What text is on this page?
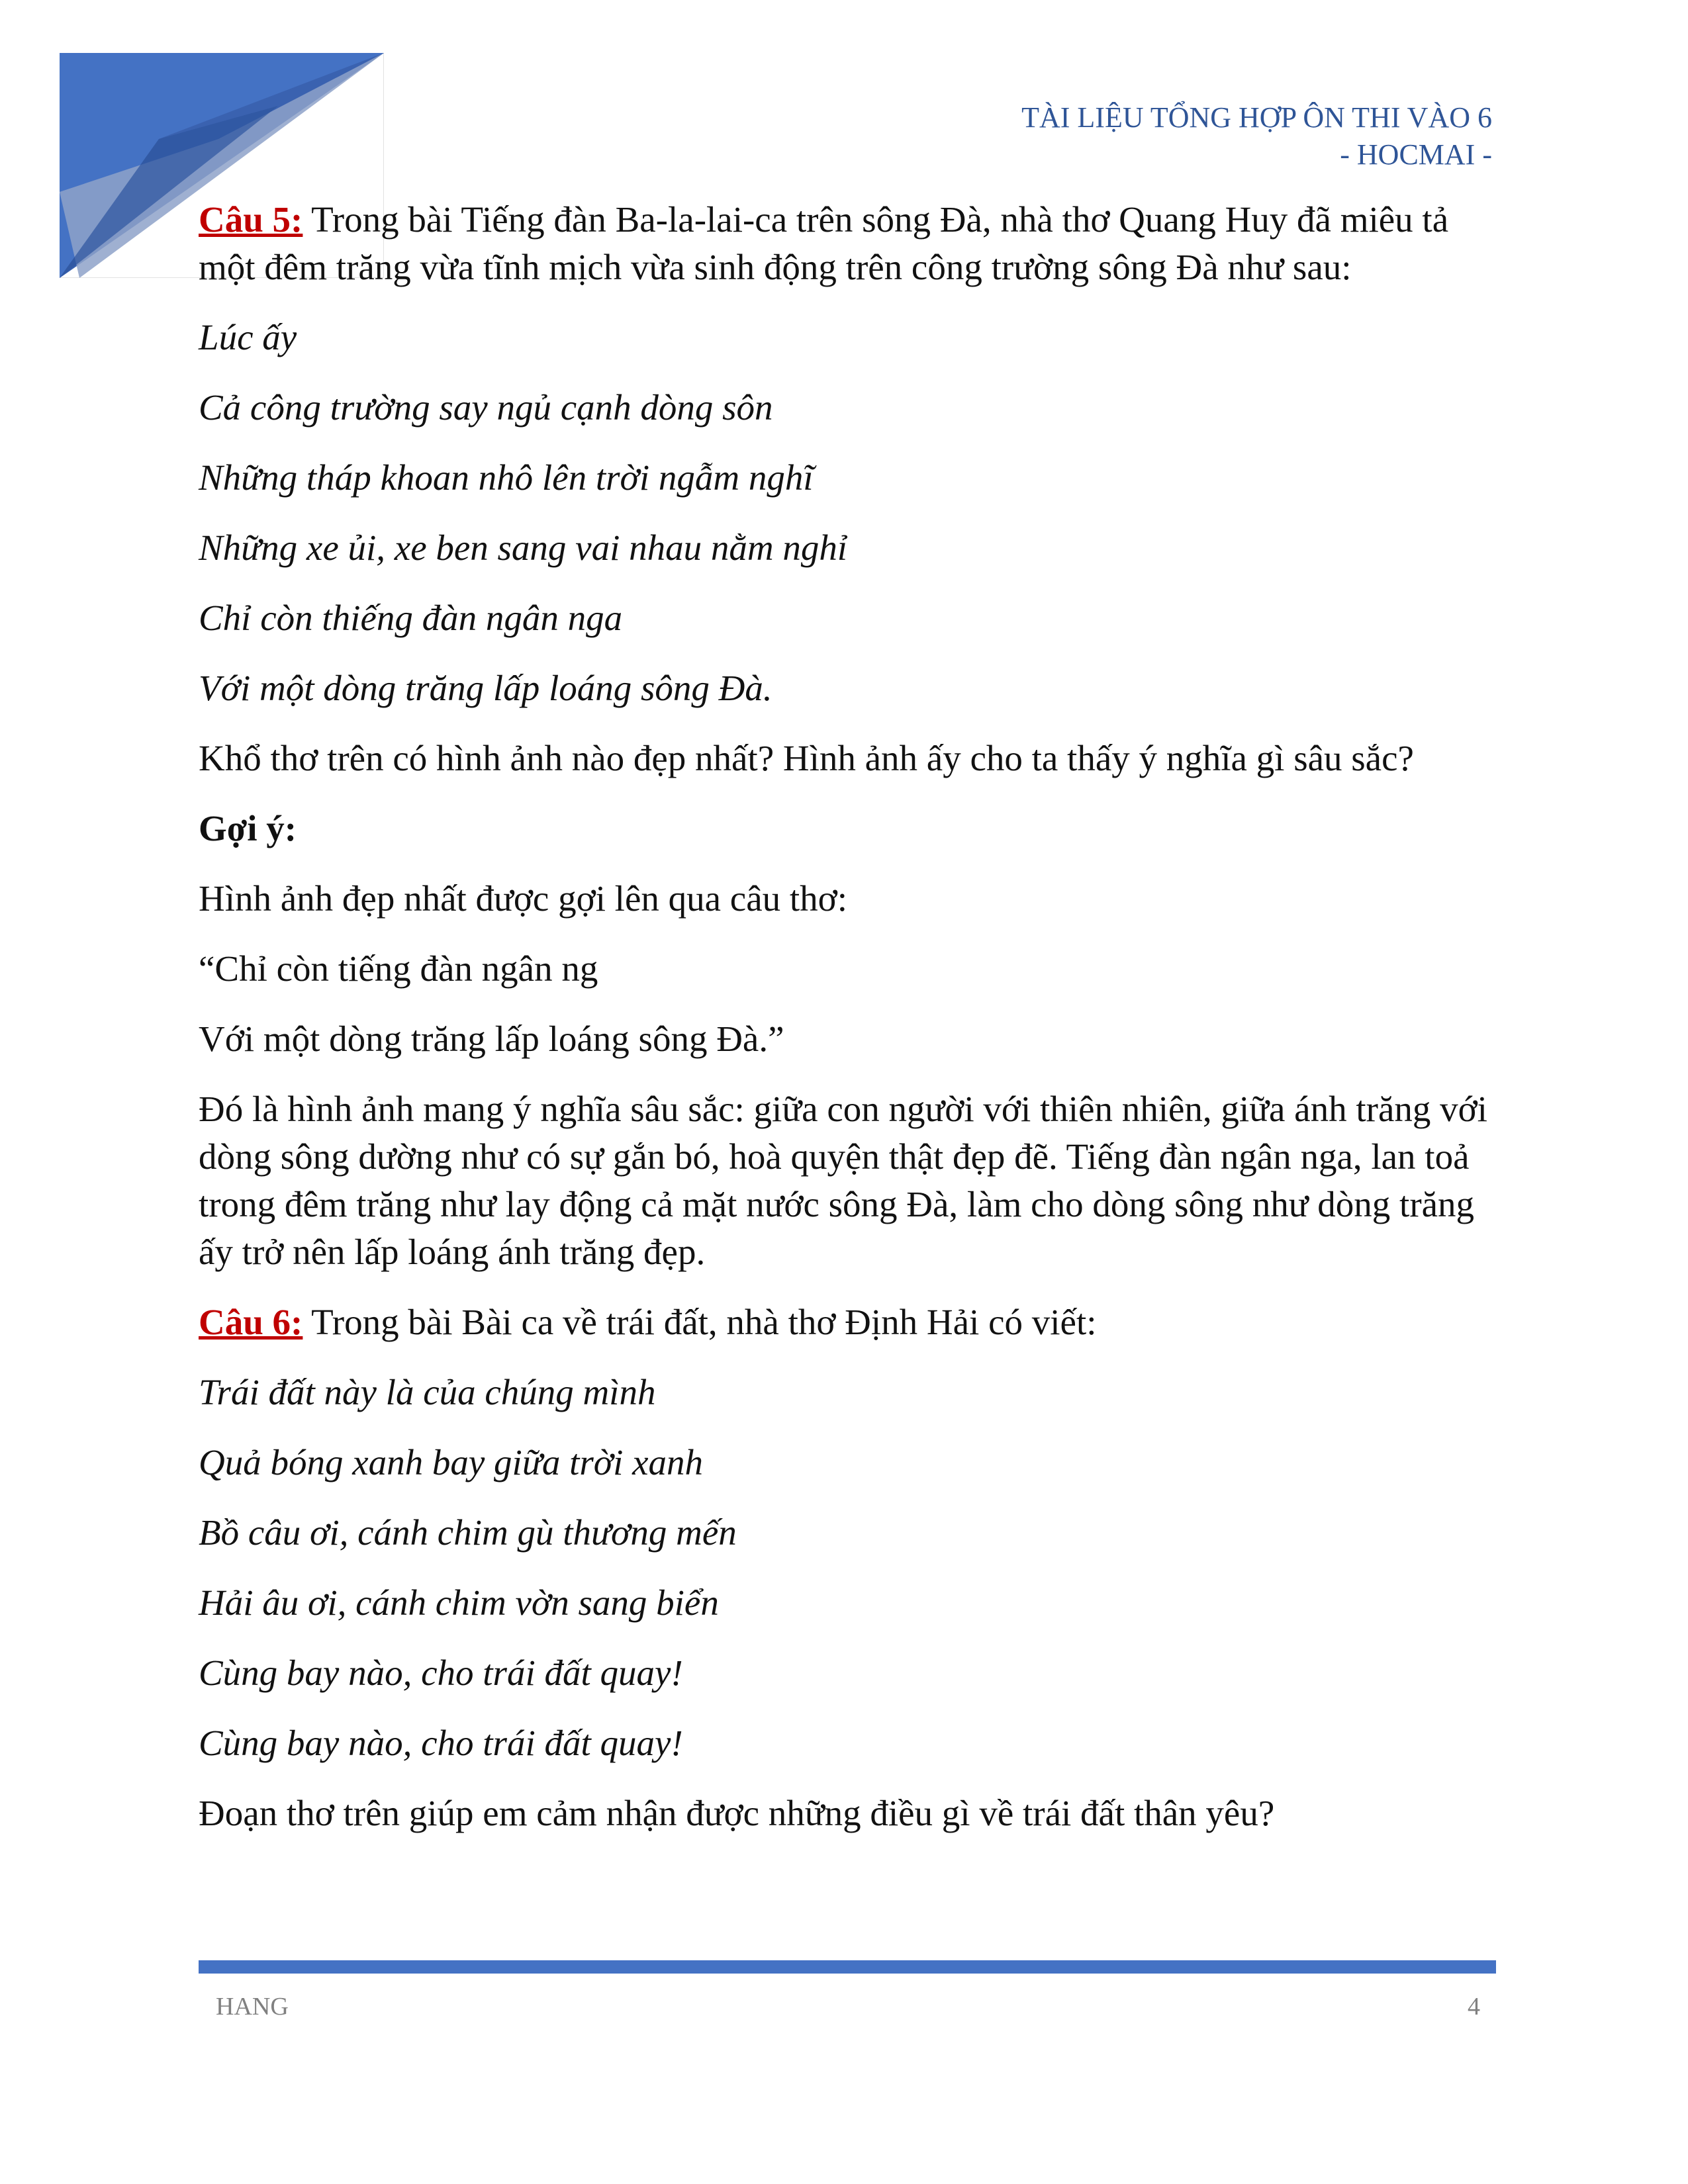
TÀI LIỆU TỔNG HỢP ÔN THI VÀO 6
- HOCMAI -

Câu 5: Trong bài Tiếng đàn Ba-la-lai-ca trên sông Đà, nhà thơ Quang Huy đã miêu tả một đêm trăng vừa tĩnh mịch vừa sinh động trên công trường sông Đà như sau:

Lúc ấy

Cả công trường say ngủ cạnh dòng sôn

Những tháp khoan nhô lên trời ngẫm nghĩ

Những xe ủi, xe ben sang vai nhau nằm nghỉ

Chỉ còn thiếng đàn ngân nga

Với một dòng trăng lấp loáng sông Đà.

Khổ thơ trên có hình ảnh nào đẹp nhất? Hình ảnh ấy cho ta thấy ý nghĩa gì sâu sắc?

Gợi ý:

Hình ảnh đẹp nhất được gợi lên qua câu thơ:

“Chỉ còn tiếng đàn ngân ng

Với một dòng trăng lấp loáng sông Đà.”

Đó là hình ảnh mang ý nghĩa sâu sắc: giữa con người với thiên nhiên, giữa ánh trăng với dòng sông dường như có sự gắn bó, hoà quyện thật đẹp đẽ. Tiếng đàn ngân nga, lan toả trong đêm trăng như lay động cả mặt nước sông Đà, làm cho dòng sông như dòng trăng ấy trở nên lấp loáng ánh trăng đẹp.

Câu 6: Trong bài Bài ca về trái đất, nhà thơ Định Hải có viết:

Trái đất này là của chúng mình

Quả bóng xanh bay giữa trời xanh

Bồ câu ơi, cánh chim gù thương mến

Hải âu ơi, cánh chim vờn sang biển

Cùng bay nào, cho trái đất quay!

Cùng bay nào, cho trái đất quay!

Đoạn thơ trên giúp em cảm nhận được những điều gì về trái đất thân yêu?

HANG	4
